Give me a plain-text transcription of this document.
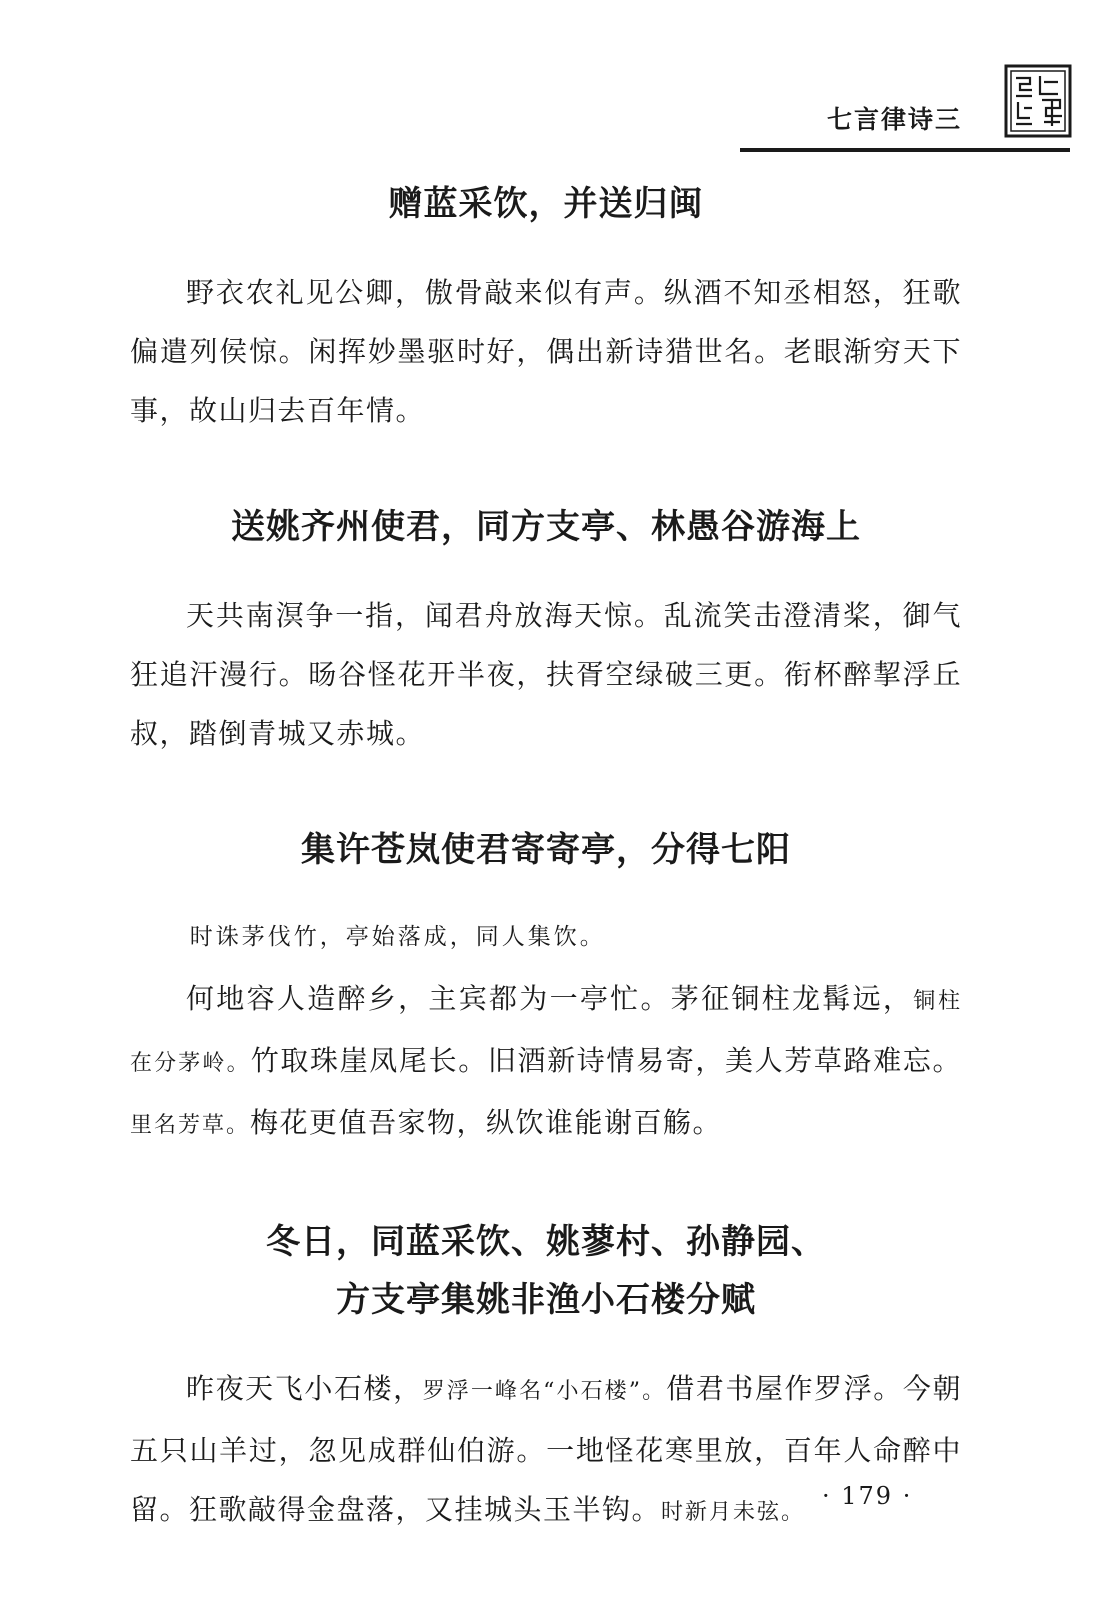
七言律诗三
赠蓝采饮，并送归闽

野衣农礼见公卿，傲骨敲来似有声。纵酒不知丞相怒，狂歌偏遣列侯惊。闲挥妙墨驱时好，偶出新诗猎世名。老眼渐穷天下事，故山归去百年情。

送姚齐州使君，同方支亭、林愚谷游海上

天共南溟争一指，闻君舟放海天惊。乱流笑击澄清桨，御气狂追汗漫行。旸谷怪花开半夜，扶胥空绿破三更。衔杯醉挈浮丘叔，踏倒青城又赤城。

集许苍岚使君寄寄亭，分得七阳

时诛茅伐竹，亭始落成，同人集饮。

何地容人造醉乡，主宾都为一亭忙。茅征铜柱龙髯远，铜柱在分茅岭。竹取珠崖凤尾长。旧酒新诗情易寄，美人芳草路难忘。里名芳草。梅花更值吾家物，纵饮谁能谢百觞。

冬日，同蓝采饮、姚蓼村、孙静园、
方支亭集姚非渔小石楼分赋

昨夜天飞小石楼，罗浮一峰名“小石楼”。借君书屋作罗浮。今朝五只山羊过，忽见成群仙伯游。一地怪花寒里放，百年人命醉中留。狂歌敲得金盘落，又挂城头玉半钩。时新月未弦。

· 179 ·
